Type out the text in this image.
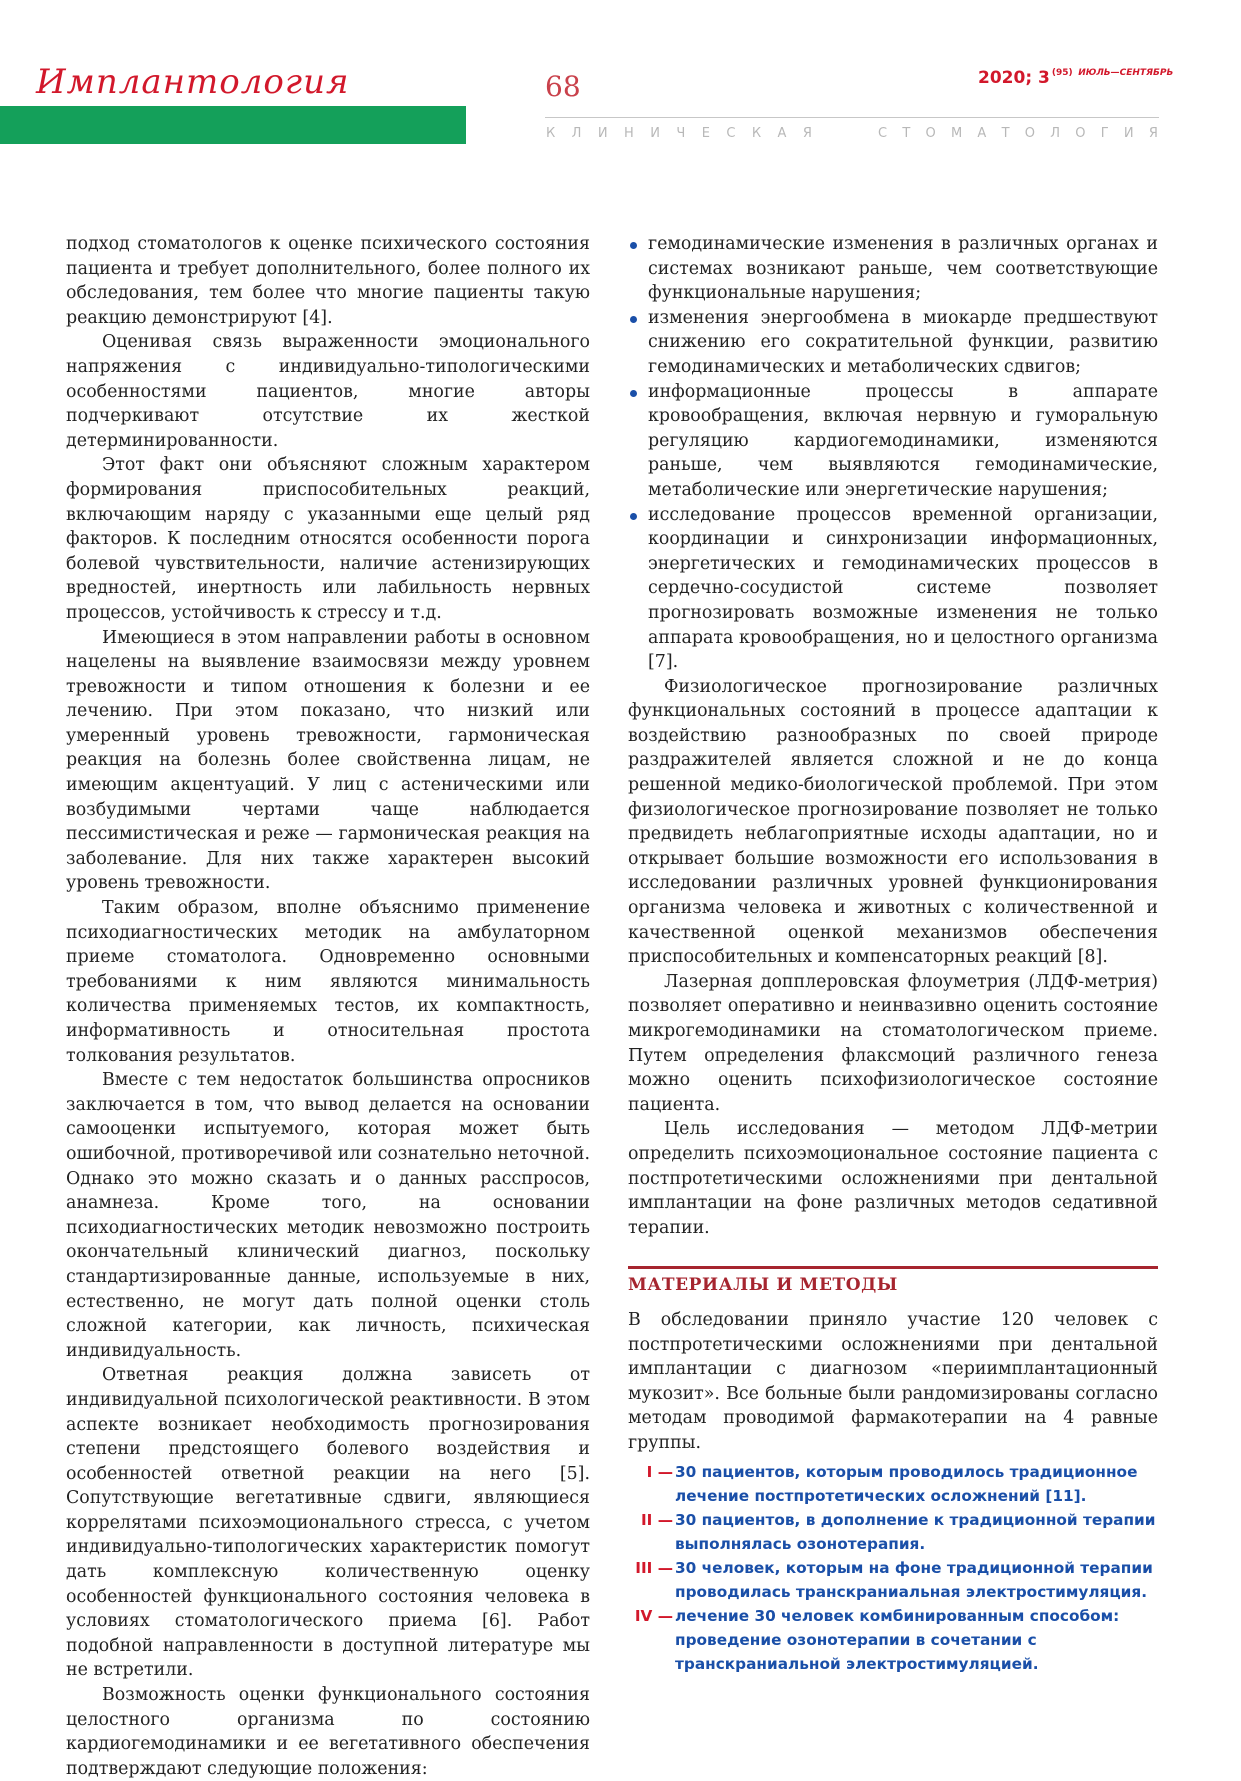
Имплантология	68	2020; 3 $^{(95)}$ $^{ИЮЛЬ—СЕНТЯБРЬ}$
К Л И Н И Ч Е С К А Я	С Т О М А Т О Л О Г И Я

подход стоматологов к оценке психического состояния пациента и требует дополнительного, более полного их обследования, тем более что многие пациенты такую реакцию демонстрируют [4].

Оценивая связь выраженности эмоционального напряжения с индивидуально-типологическими особенностями пациентов, многие авторы подчеркивают отсутствие их жесткой детерминированности.

Этот факт они объясняют сложным характером формирования приспособительных реакций, включающим наряду с указанными еще целый ряд факторов. К последним относятся особенности порога болевой чувствительности, наличие астенизирующих вредностей, инертность или лабильность нервных процессов, устойчивость к стрессу и т.д.

Имеющиеся в этом направлении работы в основном нацелены на выявление взаимосвязи между уровнем тревожности и типом отношения к болезни и ее лечению. При этом показано, что низкий или умеренный уровень тревожности, гармоническая реакция на болезнь более свойственна лицам, не имеющим акцентуаций. У лиц с астеническими или возбудимыми чертами чаще наблюдается пессимистическая и реже — гармоническая реакция на заболевание. Для них также характерен высокий уровень тревожности.

Таким образом, вполне объяснимо применение психодиагностических методик на амбулаторном приеме стоматолога. Одновременно основными требованиями к ним являются минимальность количества применяемых тестов, их компактность, информативность и относительная простота толкования результатов.

Вместе с тем недостаток большинства опросников заключается в том, что вывод делается на основании самооценки испытуемого, которая может быть ошибочной, противоречивой или сознательно неточной. Однако это можно сказать и о данных расспросов, анамнеза. Кроме того, на основании психодиагностических методик невозможно построить окончательный клинический диагноз, поскольку стандартизированные данные, используемые в них, естественно, не могут дать полной оценки столь сложной категории, как личность, психическая индивидуальность.

Ответная реакция должна зависеть от индивидуальной психологической реактивности. В этом аспекте возникает необходимость прогнозирования степени предстоящего болевого воздействия и особенностей ответной реакции на него [5]. Сопутствующие вегетативные сдвиги, являющиеся коррелятами психоэмоционального стресса, с учетом индивидуально-типологических характеристик помогут дать комплексную количественную оценку особенностей функционального состояния человека в условиях стоматологического приема [6]. Работ подобной направленности в доступной литературе мы не встретили.

Возможность оценки функционального состояния целостного организма по состоянию кардиогемодинамики и ее вегетативного обеспечения подтверждают следующие положения:

гемодинамические изменения в различных органах и системах возникают раньше, чем соответствующие функциональные нарушения;
изменения энергообмена в миокарде предшествуют снижению его сократительной функции, развитию гемодинамических и метаболических сдвигов;
информационные процессы в аппарате кровообращения, включая нервную и гуморальную регуляцию кардиогемодинамики, изменяются раньше, чем выявляются гемодинамические, метаболические или энергетические нарушения;
исследование процессов временной организации, координации и синхронизации информационных, энергетических и гемодинамических процессов в сердечно-сосудистой системе позволяет прогнозировать возможные изменения не только аппарата кровообращения, но и целостного организма [7].

Физиологическое прогнозирование различных функциональных состояний в процессе адаптации к воздействию разнообразных по своей природе раздражителей является сложной и не до конца решенной медико-биологической проблемой. При этом физиологическое прогнозирование позволяет не только предвидеть неблагоприятные исходы адаптации, но и открывает большие возможности его использования в исследовании различных уровней функционирования организма человека и животных с количественной и качественной оценкой механизмов обеспечения приспособительных и компенсаторных реакций [8].

Лазерная допплеровская флоуметрия (ЛДФ-метрия) позволяет оперативно и неинвазивно оценить состояние микрогемодинамики на стоматологическом приеме. Путем определения флаксмоций различного генеза можно оценить психофизиологическое состояние пациента.

Цель исследования — методом ЛДФ-метрии определить психоэмоциональное состояние пациента с постпротетическими осложнениями при дентальной имплантации на фоне различных методов седативной терапии.

МАТЕРИАЛЫ И МЕТОДЫ

В обследовании приняло участие 120 человек с постпротетическими осложнениями при дентальной имплантации с диагнозом «периимплантационный мукозит». Все больные были рандомизированы согласно методам проводимой фармакотерапии на 4 равные группы.

I — 30 пациентов, которым проводилось традиционное лечение постпротетических осложнений [11].
II — 30 пациентов, в дополнение к традиционной терапии выполнялась озонотерапия.
III — 30 человек, которым на фоне традиционной терапии проводилась транскраниальная электростимуляция.
IV — лечение 30 человек комбинированным способом: проведение озонотерапии в сочетании с транскраниальной электростимуляцией.
